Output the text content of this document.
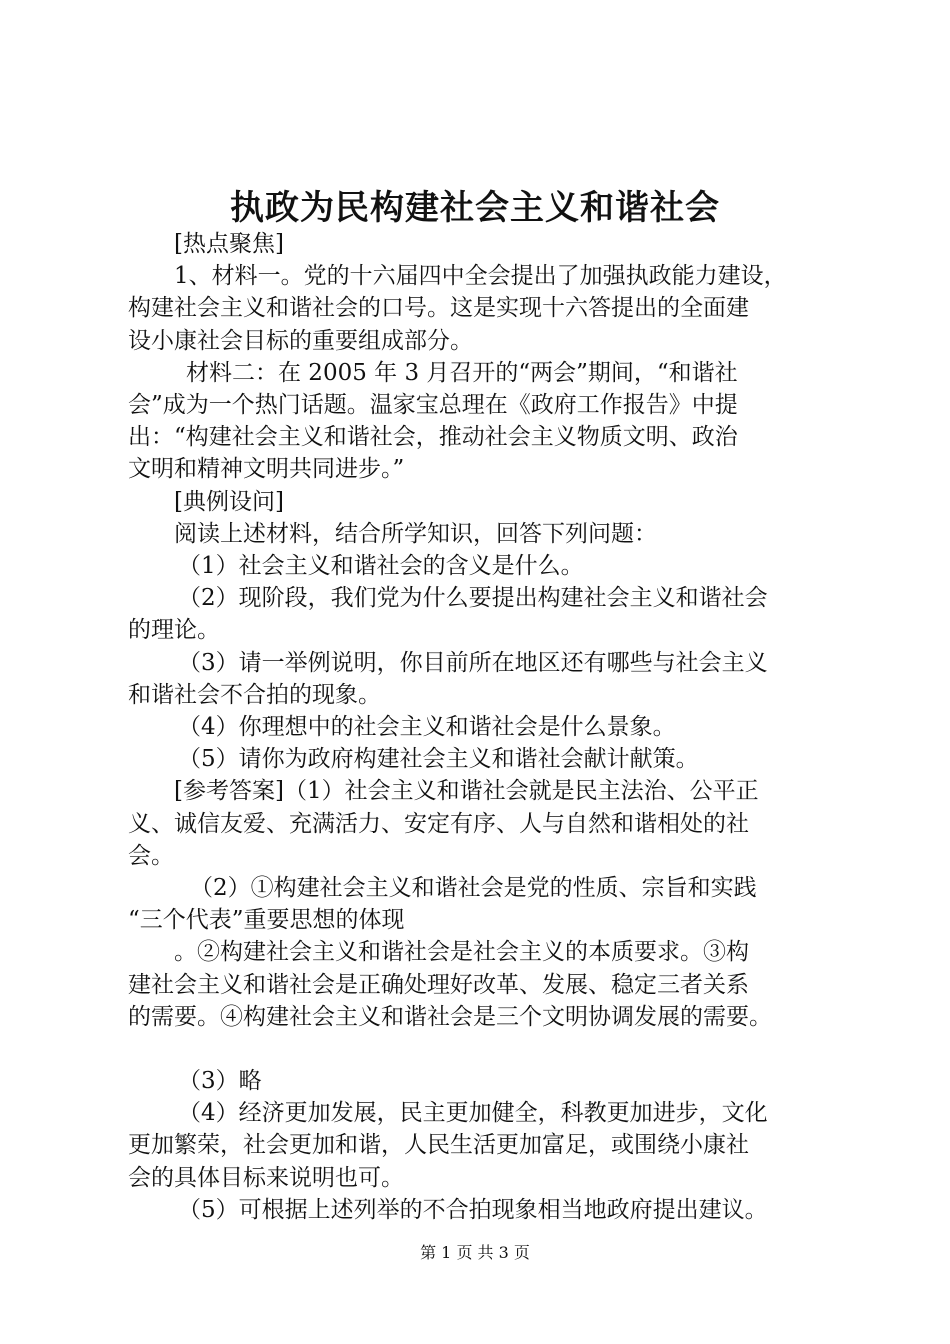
执政为民构建社会主义和谐社会

[热点聚焦]

1、材料一。党的十六届四中全会提出了加强执政能力建设，

构建社会主义和谐社会的口号。这是实现十六答提出的全面建

设小康社会目标的重要组成部分。

材料二：在 2005 年 3 月召开的“两会”期间，“和谐社

会”成为一个热门话题。温家宝总理在《政府工作报告》中提

出：“构建社会主义和谐社会，推动社会主义物质文明、政治

文明和精神文明共同进步。”

[典例设问]

阅读上述材料，结合所学知识，回答下列问题：

（1）社会主义和谐社会的含义是什么。

（2）现阶段，我们党为什么要提出构建社会主义和谐社会

的理论。

（3）请一举例说明，你目前所在地区还有哪些与社会主义

和谐社会不合拍的现象。

（4）你理想中的社会主义和谐社会是什么景象。

（5）请你为政府构建社会主义和谐社会献计献策。

[参考答案]（1）社会主义和谐社会就是民主法治、公平正

义、诚信友爱、充满活力、安定有序、人与自然和谐相处的社

会。

（2）①构建社会主义和谐社会是党的性质、宗旨和实践

“三个代表”重要思想的体现

。②构建社会主义和谐社会是社会主义的本质要求。③构

建社会主义和谐社会是正确处理好改革、发展、稳定三者关系

的需要。④构建社会主义和谐社会是三个文明协调发展的需要。

（3）略

（4）经济更加发展，民主更加健全，科教更加进步，文化

更加繁荣，社会更加和谐，人民生活更加富足，或围绕小康社

会的具体目标来说明也可。

（5）可根据上述列举的不合拍现象相当地政府提出建议。

第 1 页 共 3 页
